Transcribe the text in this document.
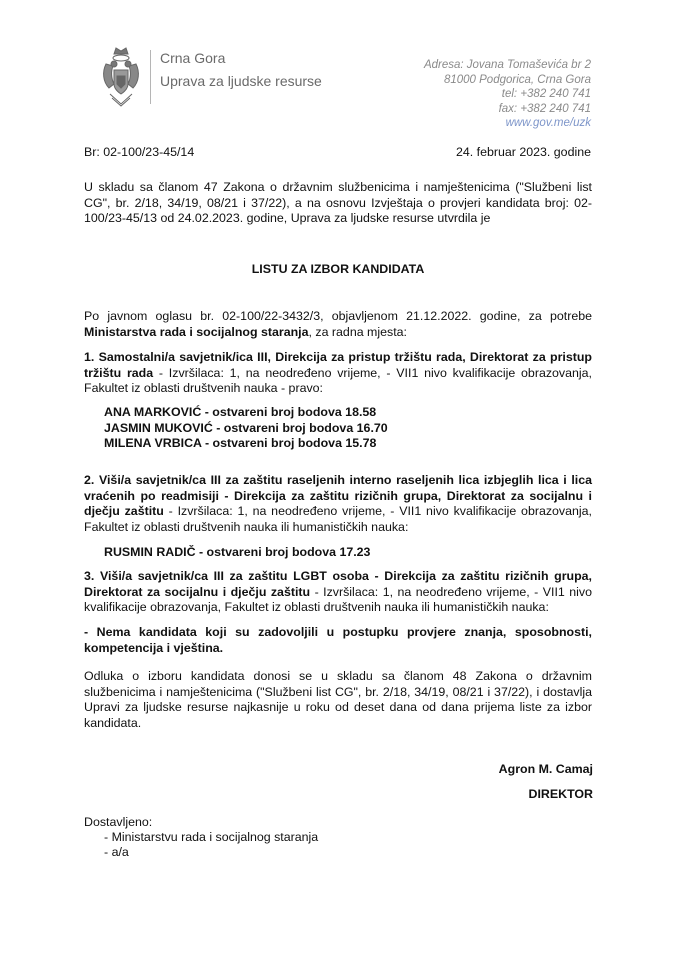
Crna Gora
Uprava za ljudske resurse
Adresa: Jovana Tomaševića br 2
81000 Podgorica, Crna Gora
tel: +382 240 741
fax: +382 240 741
www.gov.me/uzk
Br: 02-100/23-45/14	24. februar 2023. godine
U skladu sa članom 47 Zakona o državnim službenicima i namještenicima ("Službeni list CG", br. 2/18, 34/19, 08/21 i 37/22), a na osnovu Izvještaja o provjeri kandidata broj: 02-100/23-45/13 od 24.02.2023. godine, Uprava za ljudske resurse utvrdila je
LISTU ZA IZBOR KANDIDATA
Po javnom oglasu br. 02-100/22-3432/3, objavljenom 21.12.2022. godine, za potrebe Ministarstva rada i socijalnog staranja, za radna mjesta:
1. Samostalni/a savjetnik/ica III, Direkcija za pristup tržištu rada, Direktorat za pristup tržištu rada - Izvršilaca: 1, na neodređeno vrijeme, - VII1 nivo kvalifikacije obrazovanja, Fakultet iz oblasti društvenih nauka - pravo:
ANA MARKOVIĆ - ostvareni broj bodova 18.58
JASMIN MUKOVIĆ - ostvareni broj bodova 16.70
MILENA VRBICA - ostvareni broj bodova 15.78
2. Viši/a savjetnik/ca III za zaštitu raseljenih interno raseljenih lica izbjeglih lica i lica vraćenih po readmisiji - Direkcija za zaštitu rizičnih grupa, Direktorat za socijalnu i dječju zaštitu - Izvršilaca: 1, na neodređeno vrijeme, - VII1 nivo kvalifikacije obrazovanja, Fakultet iz oblasti društvenih nauka ili humanističkih nauka:
RUSMIN RADIČ - ostvareni broj bodova 17.23
3. Viši/a savjetnik/ca III za zaštitu LGBT osoba - Direkcija za zaštitu rizičnih grupa, Direktorat za socijalnu i dječju zaštitu - Izvršilaca: 1, na neodređeno vrijeme, - VII1 nivo kvalifikacije obrazovanja, Fakultet iz oblasti društvenih nauka ili humanističkih nauka:
- Nema kandidata koji su zadovoljili u postupku provjere znanja, sposobnosti, kompetencija i vještina.
Odluka o izboru kandidata donosi se u skladu sa članom 48 Zakona o državnim službenicima i namještenicima ("Službeni list CG", br. 2/18, 34/19, 08/21 i 37/22), i dostavlja Upravi za ljudske resurse najkasnije u roku od deset dana od dana prijema liste za izbor kandidata.
Agron M. Camaj
DIREKTOR
Dostavljeno:
- Ministarstvu rada i socijalnog staranja
- a/a
